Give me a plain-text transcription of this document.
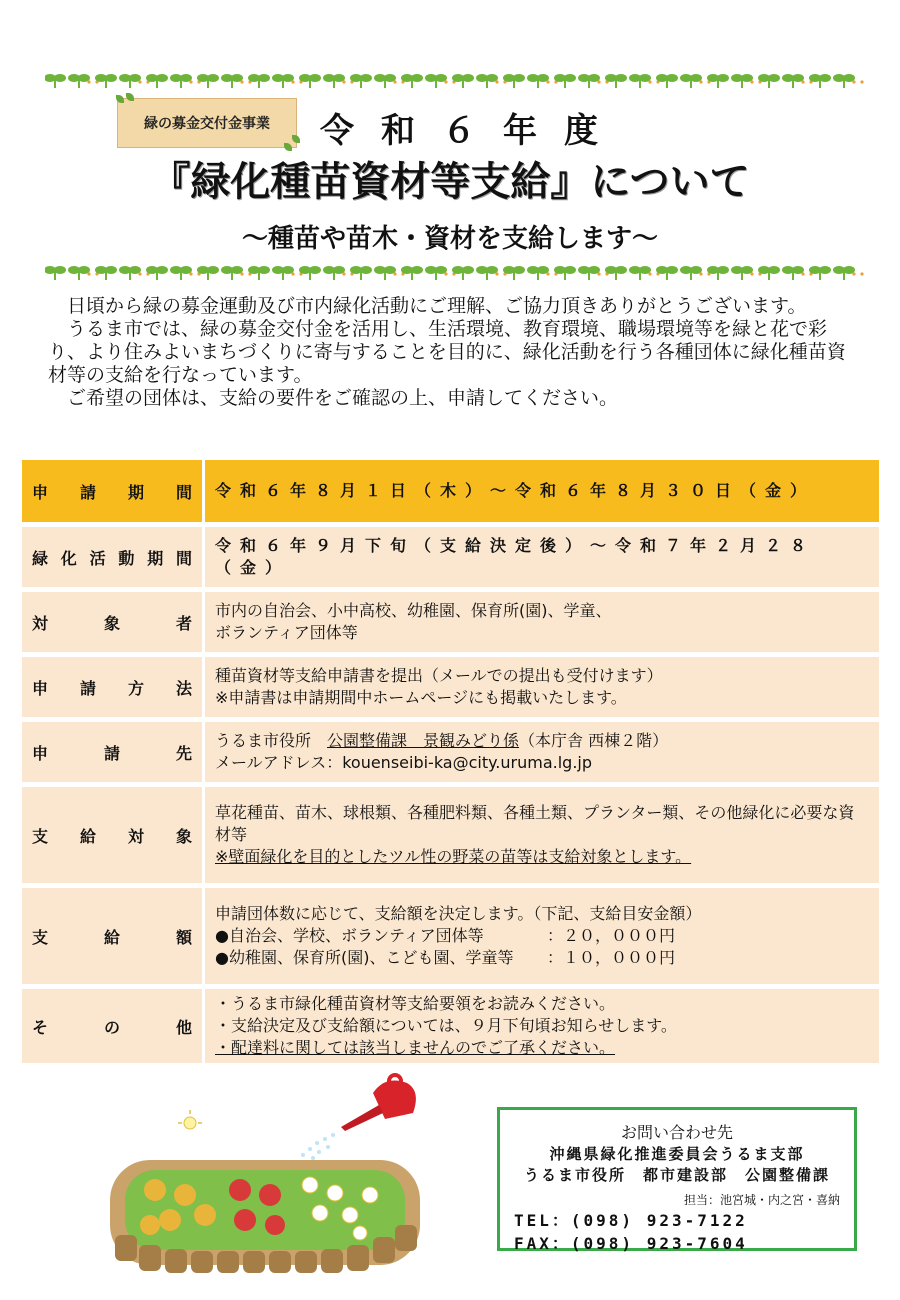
緑の募金交付金事業 令和６年度
『緑化種苗資材等支給』について
～種苗や苗木・資材を支給します～

日頃から緑の募金運動及び市内緑化活動にご理解、ご協力頂きありがとうございます。

うるま市では、緑の募金交付金を活用し、生活環境、教育環境、職場環境等を緑と花で彩り、より住みよいまちづくりに寄与することを目的に、緑化活動を行う各種団体に緑化種苗資材等の支給を行なっています。

ご希望の団体は、支給の要件をご確認の上、申請してください。

申請期間	令和６年８月１日（木）～令和６年８月３０日（金）

緑化活動期間	令和６年９月下旬（支給決定後）～令和７年２月２８（金）

対象者	市内の自治会、小中高校、幼稚園、保育所(園)、学童、
ボランティア団体等

申請方法	種苗資材等支給申請書を提出（メールでの提出も受付けます）
※申請書は申請期間中ホームページにも掲載いたします。

申請先	うるま市役所　 公園整備課　景観みどり係（本庁舎 西棟２階）
メールアドレス：kouenseibi-ka@city.uruma.lg.jp

支給対象	草花種苗、苗木、球根類、各種肥料類、各種土類、プランター類、その他緑化に必要な資材等
※壁面緑化を目的としたツル性の野菜の苗等は支給対象とします。

支給額	申請団体数に応じて、支給額を決定します。（下記、支給目安金額）
●自治会、学校、ボランティア団体等 ：２０，０００円
●幼稚園、保育所(園)、こども園、学童等 ：１０，０００円

その他	・うるま市緑化種苗資材等支給要領をお読みください。
・支給決定及び支給額については、９月下旬頃お知らせします。
・配達料に関しては該当しませんのでご了承ください。
お問い合わせ先
沖縄県緑化推進委員会うるま支部
うるま市役所　都市建設部　公園整備課
担当：池宮城・内之宮・喜納
TEL：(098) 923-7122
FAX：(098) 923-7604
